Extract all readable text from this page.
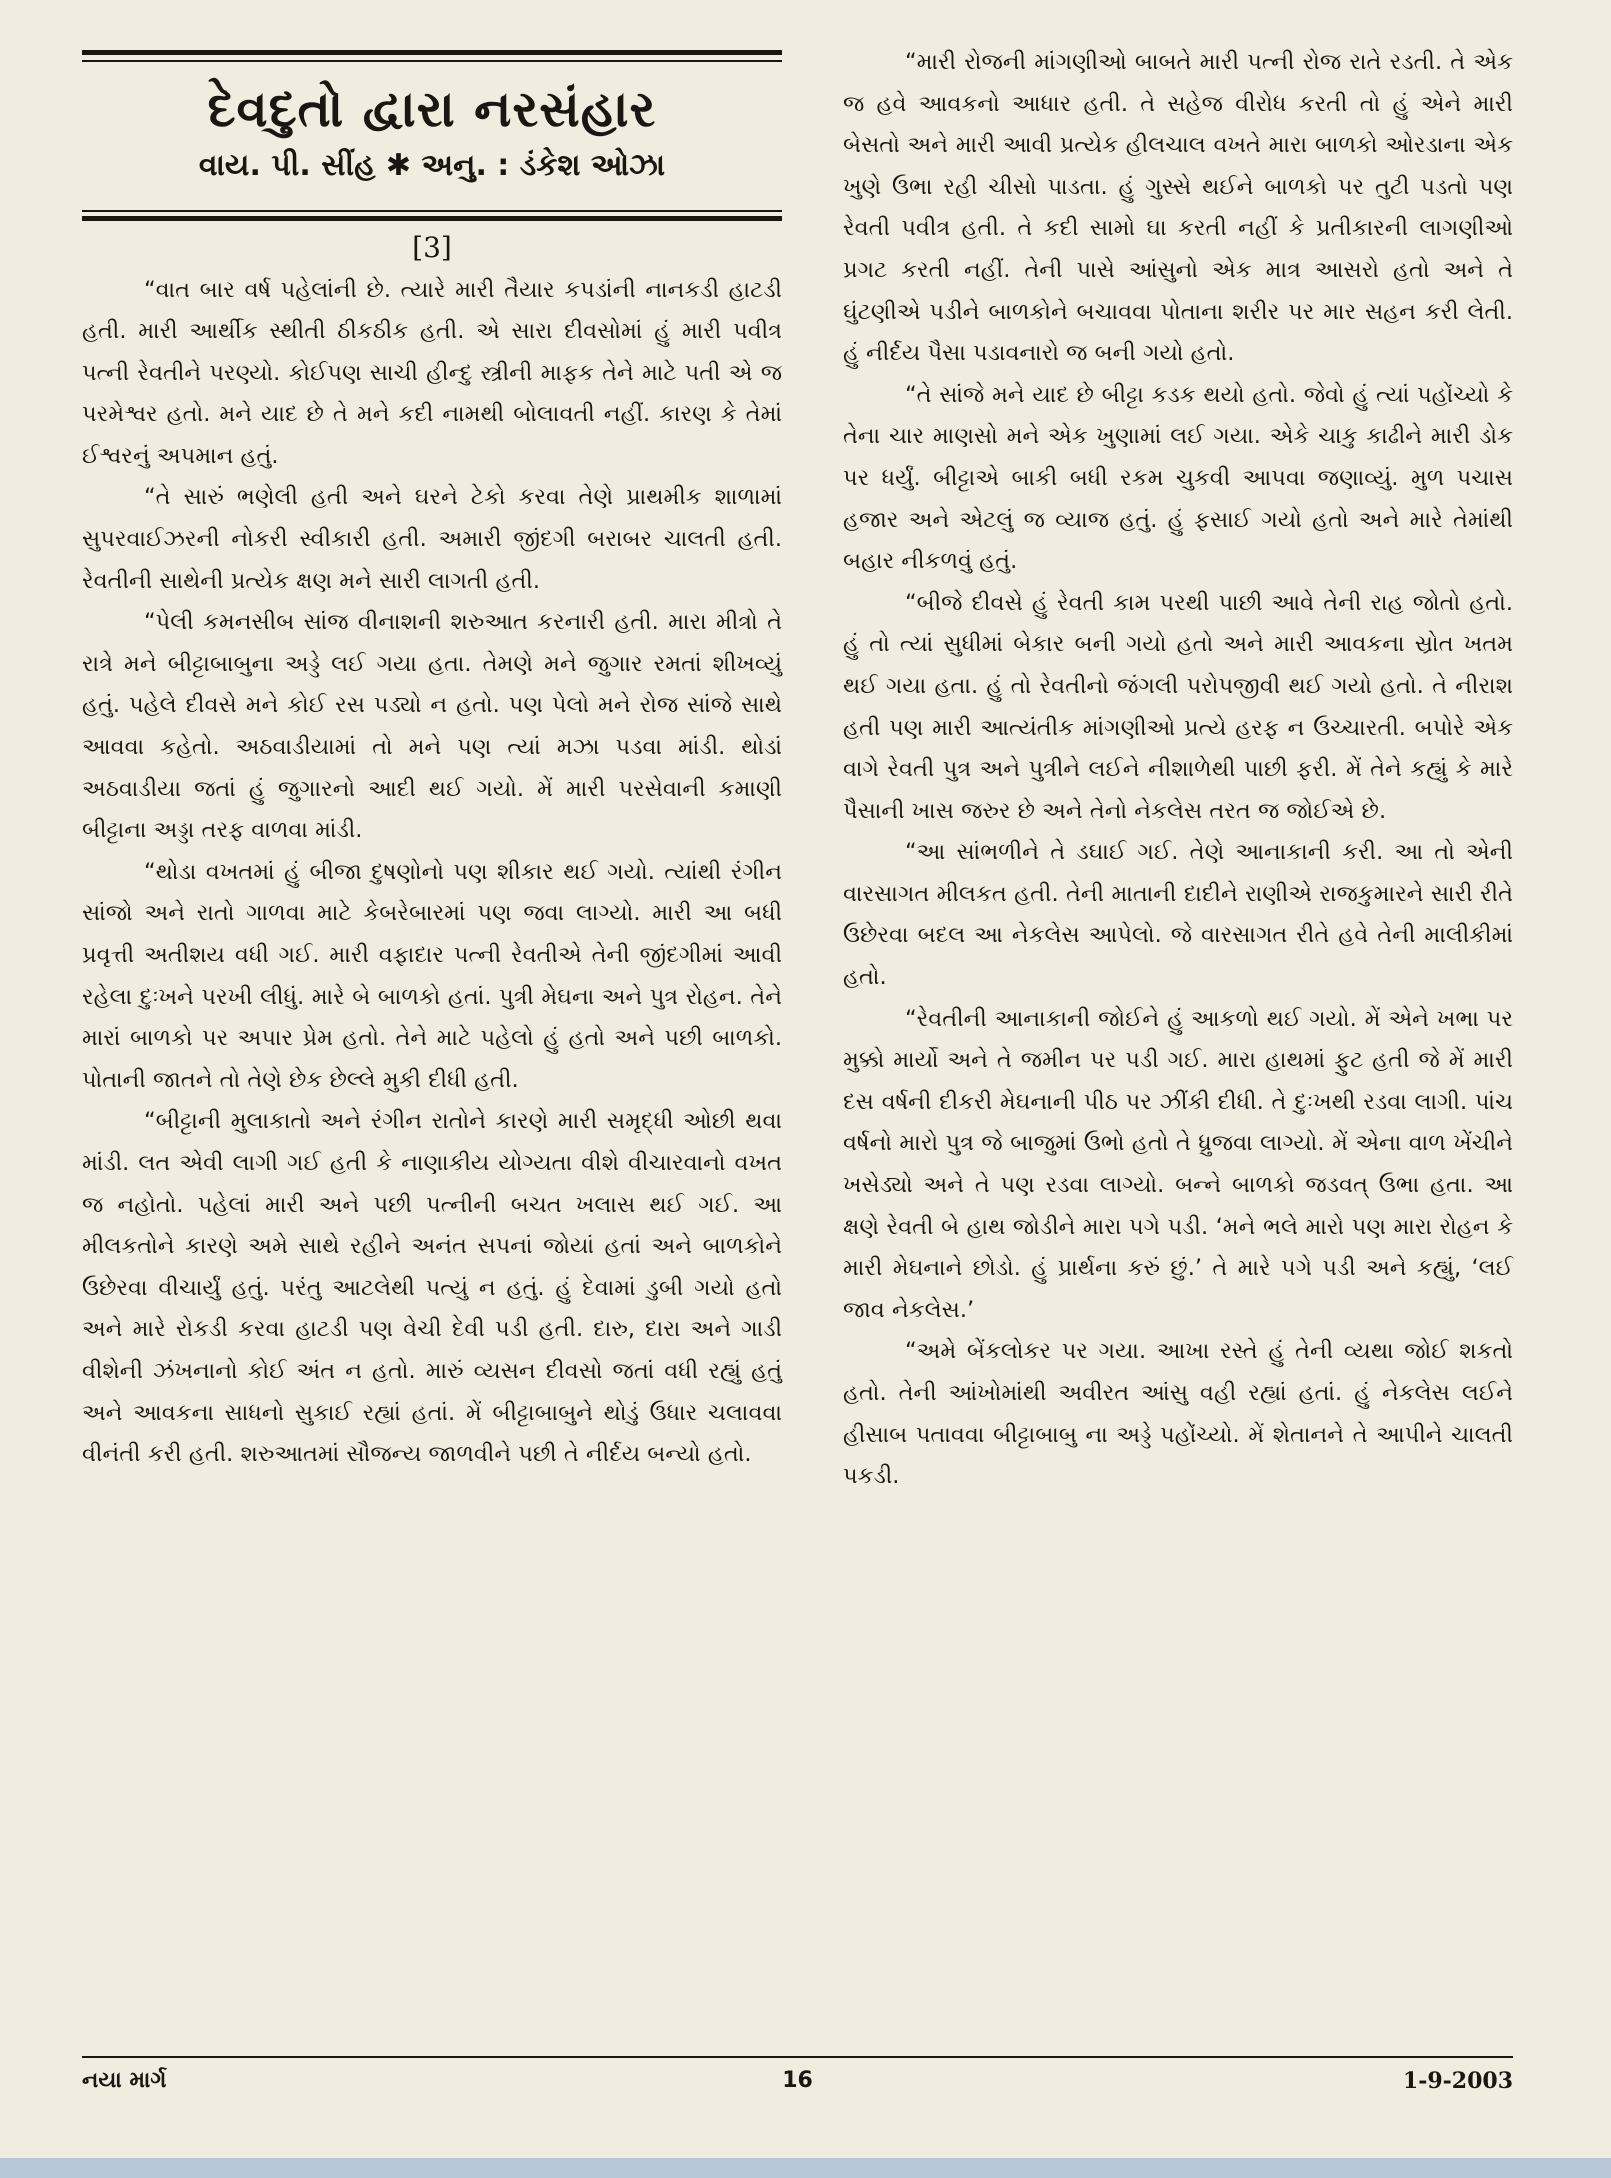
દેવદુતો દ્વારા નરસંહાર
વાય. પી. સીંહ ✱ અનુ. : ડંકેશ ઓઝા
[3]

“વાત બાર વર્ષ પહેલાંની છે. ત્યારે મારી તૈયાર કપડાંની નાનકડી હાટડી હતી. મારી આર્થીક સ્થીતી ઠીકઠીક હતી. એ સારા દીવસોમાં હું મારી પવીત્ર પત્ની રેવતીને પરણ્યો. કોઈપણ સાચી હીન્દુ સ્ત્રીની માફક તેને માટે પતી એ જ પરમેશ્વર હતો. મને યાદ છે તે મને કદી નામથી બોલાવતી નહીં. કારણ કે તેમાં ઈશ્વરનું અપમાન હતું.

“તે સારું ભણેલી હતી અને ઘરને ટેકો કરવા તેણે પ્રાથમીક શાળામાં સુપરવાઈઝરની નોકરી સ્વીકારી હતી. અમારી જીંદગી બરાબર ચાલતી હતી. રેવતીની સાથેની પ્રત્યેક ક્ષણ મને સારી લાગતી હતી.

“પેલી કમનસીબ સાંજ વીનાશની શરુઆત કરનારી હતી. મારા મીત્રો તે રાત્રે મને બીટ્ટાબાબુના અડ્ડે લઈ ગયા હતા. તેમણે મને જુગાર રમતાં શીખવ્યું હતું. પહેલે દીવસે મને કોઈ રસ પડ્યો ન હતો. પણ પેલો મને રોજ સાંજે સાથે આવવા કહેતો. અઠવાડીયામાં તો મને પણ ત્યાં મઝા પડવા માંડી. થોડાં અઠવાડીયા જતાં હું જુગારનો આદી થઈ ગયો. મેં મારી પરસેવાની કમાણી બીટ્ટાના અડ્ડા તરફ વાળવા માંડી.

“થોડા વખતમાં હું બીજા દુષણોનો પણ શીકાર થઈ ગયો. ત્યાંથી રંગીન સાંજો અને રાતો ગાળવા માટે કેબરેબારમાં પણ જવા લાગ્યો. મારી આ બધી પ્રવૃત્તી અતીશય વધી ગઈ. મારી વફાદાર પત્ની રેવતીએ તેની જીંદગીમાં આવી રહેલા દુઃખને પરખી લીધું. મારે બે બાળકો હતાં. પુત્રી મેઘના અને પુત્ર રોહન. તેને મારાં બાળકો પર અપાર પ્રેમ હતો. તેને માટે પહેલો હું હતો અને પછી બાળકો. પોતાની જાતને તો તેણે છેક છેલ્લે મુકી દીધી હતી.

“બીટ્ટાની મુલાકાતો અને રંગીન રાતોને કારણે મારી સમૃદ્ધી ઓછી થવા માંડી. લત એવી લાગી ગઈ હતી કે નાણાકીય યોગ્યતા વીશે વીચારવાનો વખત જ નહોતો. પહેલાં મારી અને પછી પત્નીની બચત ખલાસ થઈ ગઈ. આ મીલકતોને કારણે અમે સાથે રહીને અનંત સપનાં જોયાં હતાં અને બાળકોને ઉછેરવા વીચાર્યું હતું. પરંતુ આટલેથી પત્યું ન હતું. હું દેવામાં ડુબી ગયો હતો અને મારે રોકડી કરવા હાટડી પણ વેચી દેવી પડી હતી. દારુ, દારા અને ગાડી વીશેની ઝંખનાનો કોઈ અંત ન હતો. મારું વ્યસન દીવસો જતાં વધી રહ્યું હતું અને આવકના સાધનો સુકાઈ રહ્યાં હતાં. મેં બીટ્ટાબાબુને થોડું ઉધાર ચલાવવા વીનંતી કરી હતી. શરુઆતમાં સૌજન્ય જાળવીને પછી તે નીર્દય બન્યો હતો.

“મારી રોજની માંગણીઓ બાબતે મારી પત્ની રોજ રાતે રડતી. તે એક જ હવે આવકનો આધાર હતી. તે સહેજ વીરોધ કરતી તો હું એને મારી બેસતો અને મારી આવી પ્રત્યેક હીલચાલ વખતે મારા બાળકો ઓરડાના એક ખુણે ઉભા રહી ચીસો પાડતા. હું ગુસ્સે થઈને બાળકો પર તુટી પડતો પણ રેવતી પવીત્ર હતી. તે કદી સામો ઘા કરતી નહીં કે પ્રતીકારની લાગણીઓ પ્રગટ કરતી નહીં. તેની પાસે આંસુનો એક માત્ર આસરો હતો અને તે ઘુંટણીએ પડીને બાળકોને બચાવવા પોતાના શરીર પર માર સહન કરી લેતી. હું નીર્દય પૈસા પડાવનારો જ બની ગયો હતો.

“તે સાંજે મને યાદ છે બીટ્ટા કડક થયો હતો. જેવો હું ત્યાં પહોંચ્યો કે તેના ચાર માણસો મને એક ખુણામાં લઈ ગયા. એકે ચાકુ કાઢીને મારી ડોક પર ધર્યું. બીટ્ટાએ બાકી બધી રકમ ચુકવી આપવા જણાવ્યું. મુળ પચાસ હજાર અને એટલું જ વ્યાજ હતું. હું ફસાઈ ગયો હતો અને મારે તેમાંથી બહાર નીકળવું હતું.

“બીજે દીવસે હું રેવતી કામ પરથી પાછી આવે તેની રાહ જોતો હતો. હું તો ત્યાં સુધીમાં બેકાર બની ગયો હતો અને મારી આવકના સ્રોત ખતમ થઈ ગયા હતા. હું તો રેવતીનો જંગલી પરોપજીવી થઈ ગયો હતો. તે નીરાશ હતી પણ મારી આત્યંતીક માંગણીઓ પ્રત્યે હરફ ન ઉચ્ચારતી. બપોરે એક વાગે રેવતી પુત્ર અને પુત્રીને લઈને નીશાળેથી પાછી ફરી. મેં તેને કહ્યું કે મારે પૈસાની ખાસ જરુર છે અને તેનો નેકલેસ તરત જ જોઈએ છે.

“આ સાંભળીને તે ડઘાઈ ગઈ. તેણે આનાકાની કરી. આ તો એની વારસાગત મીલકત હતી. તેની માતાની દાદીને રાણીએ રાજકુમારને સારી રીતે ઉછેરવા બદલ આ નેકલેસ આપેલો. જે વારસાગત રીતે હવે તેની માલીકીમાં હતો.

“રેવતીની આનાકાની જોઈને હું આકળો થઈ ગયો. મેં એને ખભા પર મુક્કો માર્યો અને તે જમીન પર પડી ગઈ. મારા હાથમાં ફુટ હતી જે મેં મારી દસ વર્ષની દીકરી મેઘનાની પીઠ પર ઝીંકી દીધી. તે દુઃખથી રડવા લાગી. પાંચ વર્ષનો મારો પુત્ર જે બાજુમાં ઉભો હતો તે ધ્રુજવા લાગ્યો. મેં એના વાળ ખેંચીને ખસેડ્યો અને તે પણ રડવા લાગ્યો. બન્ને બાળકો જડવત્ ઉભા હતા. આ ક્ષણે રેવતી બે હાથ જોડીને મારા પગે પડી. ‘મને ભલે મારો પણ મારા રોહન કે મારી મેઘનાને છોડો. હું પ્રાર્થના કરું છું.’ તે મારે પગે પડી અને કહ્યું, ‘લઈ જાવ નેકલેસ.’

“અમે બેંકલોકર પર ગયા. આખા રસ્તે હું તેની વ્યથા જોઈ શકતો હતો. તેની આંખોમાંથી અવીરત આંસુ વહી રહ્યાં હતાં. હું નેકલેસ લઈને હીસાબ પતાવવા બીટ્ટાબાબુ ના અડ્ડે પહોંચ્યો. મેં શેતાનને તે આપીને ચાલતી પકડી.

નયા માર્ગ	16	1-9-2003
